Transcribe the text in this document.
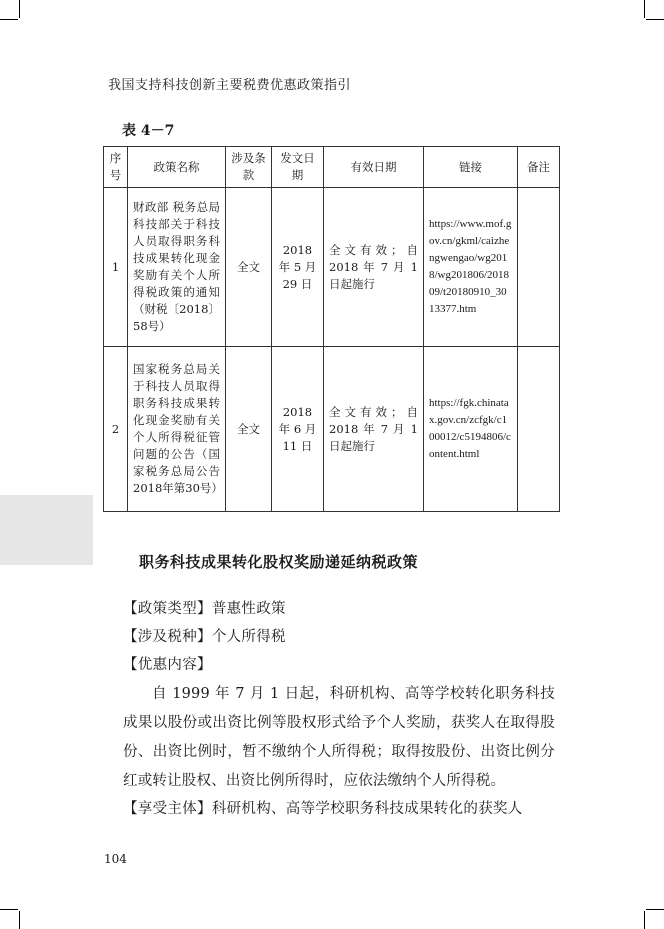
我国支持科技创新主要税费优惠政策指引
表 4－7
序号	政策名称	涉及条款	发文日期	有效日期	链接	备注
1	财政部 税务总局 科技部关于科技人员取得职务科技成果转化现金奖励有关个人所得税政策的通知（财税〔2018〕58号）	全文	2018 年 5 月 29 日	全文有效；自 2018 年 7 月 1 日起施行	https://www.mof.gov.cn/gkml/caizhengwengao/wg2018/wg201806/201809/t20180910_3013377.htm	
2	国家税务总局关于科技人员取得职务科技成果转化现金奖励有关个人所得税征管问题的公告（国家税务总局公告2018年第30号）	全文	2018 年 6 月 11 日	全文有效；自 2018 年 7 月 1 日起施行	https://fgk.chinatax.gov.cn/zcfgk/c100012/c5194806/content.html	
职务科技成果转化股权奖励递延纳税政策
【政策类型】普惠性政策
【涉及税种】个人所得税
【优惠内容】
自 1999 年 7 月 1 日起，科研机构、高等学校转化职务科技成果以股份或出资比例等股权形式给予个人奖励，获奖人在取得股份、出资比例时，暂不缴纳个人所得税；取得按股份、出资比例分红或转让股权、出资比例所得时，应依法缴纳个人所得税。
【享受主体】科研机构、高等学校职务科技成果转化的获奖人
104
